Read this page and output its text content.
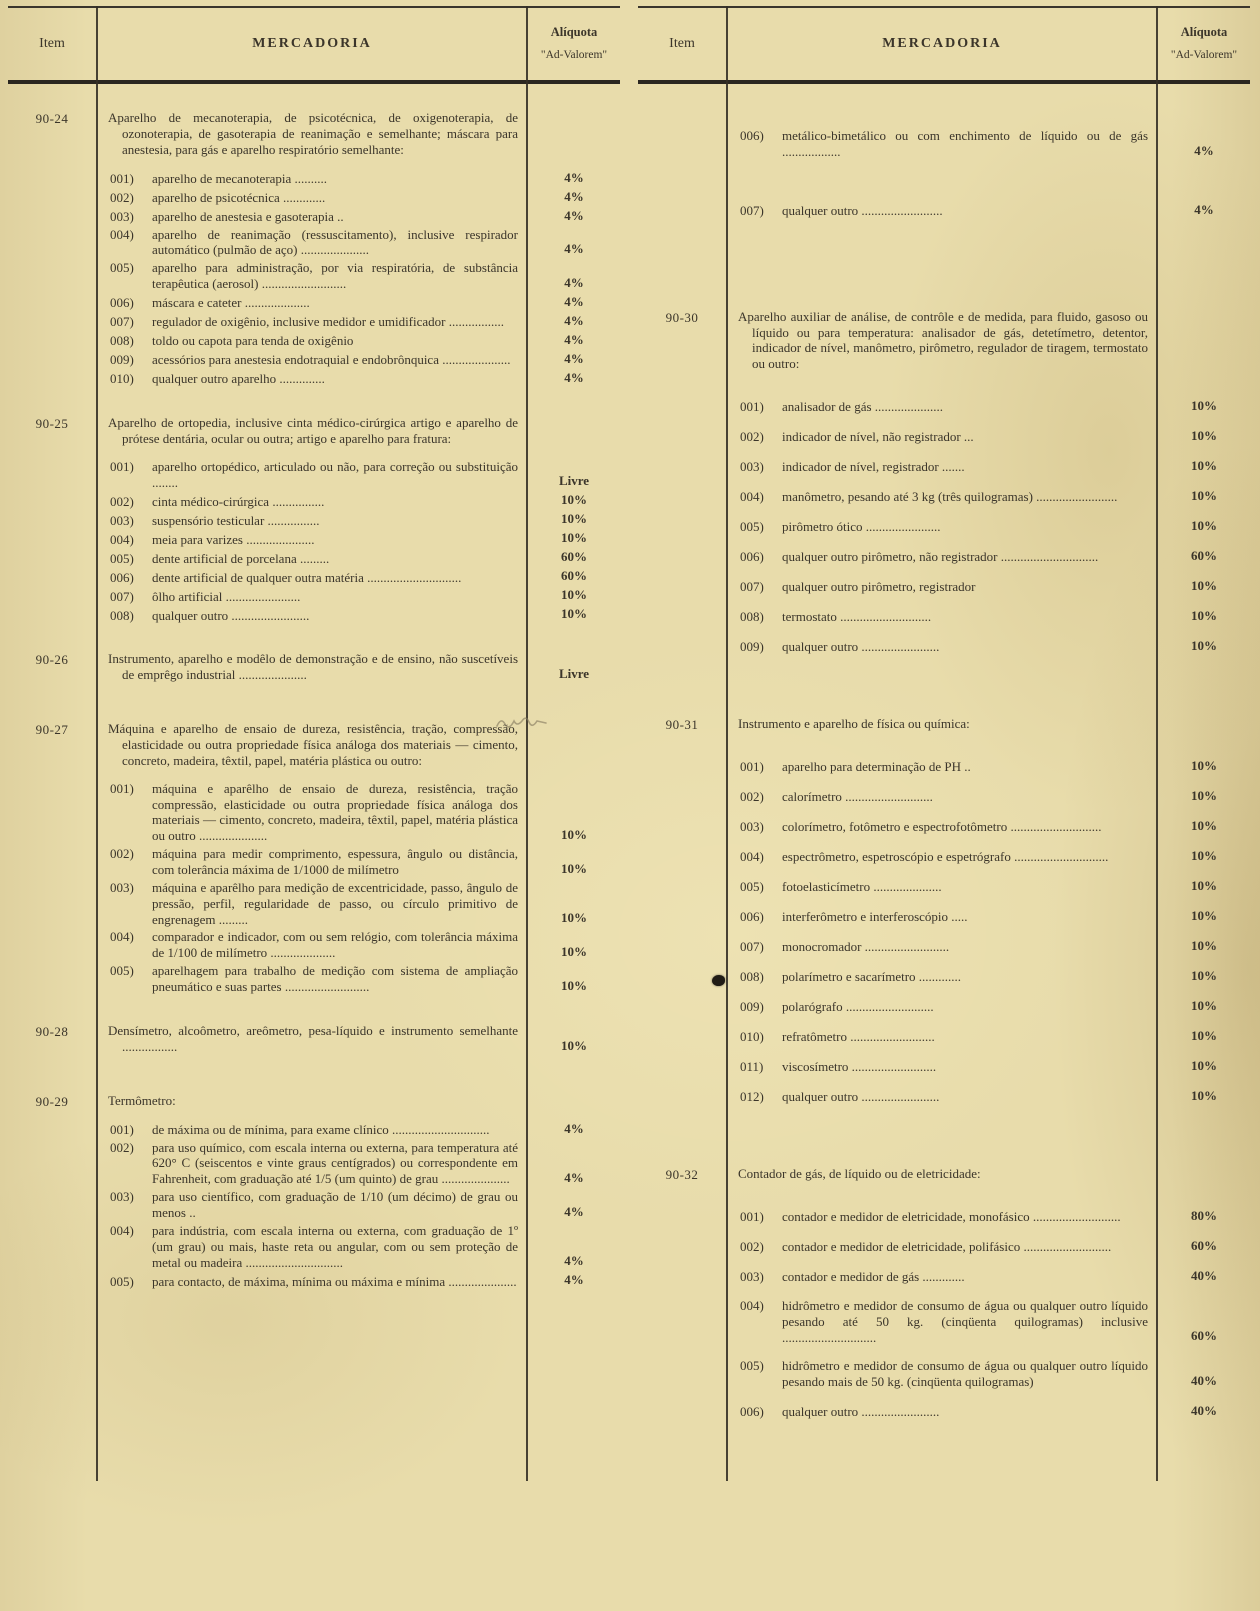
Item	MERCADORIA
Alíquota
"Ad-Valorem"
90-24	Aparelho de mecanoterapia, de psicotécnica, de oxigenoterapia, de ozonoterapia, de gasoterapia de reanimação e semelhante; máscara para anestesia, para gás e aparelho respiratório semelhante:
001)	aparelho de mecanoterapia ..........	4%
002)	aparelho de psicotécnica .............	4%
003)	aparelho de anestesia e gasoterapia ..	4%
004)	aparelho de reanimação (ressuscitamento), inclusive respirador automático (pulmão de aço) .....................	4%
005)	aparelho para administração, por via respiratória, de substância terapêutica (aerosol) ..........................	4%
006)	máscara e cateter ....................	4%
007)	regulador de oxigênio, inclusive medidor e umidificador .................	4%
008)	toldo ou capota para tenda de oxigênio	4%
009)	acessórios para anestesia endotraquial e endobrônquica .....................	4%
010)	qualquer outro aparelho ..............	4%
90-25	Aparelho de ortopedia, inclusive cinta médico-cirúrgica artigo e aparelho de prótese dentária, ocular ou outra; artigo e aparelho para fratura:
001)	aparelho ortopédico, articulado ou não, para correção ou substituição ........	Livre
002)	cinta médico-cirúrgica ................	10%
003)	suspensório testicular ................	10%
004)	meia para varizes .....................	10%
005)	dente artificial de porcelana .........	60%
006)	dente artificial de qualquer outra matéria .............................	60%
007)	ôlho artificial .......................	10%
008)	qualquer outro ........................	10%
90-26	Instrumento, aparelho e modêlo de demonstração e de ensino, não suscetíveis de emprêgo industrial .....................	Livre
90-27	Máquina e aparelho de ensaio de dureza, resistência, tração, compressão, elasticidade ou outra propriedade física análoga dos materiais — cimento, concreto, madeira, têxtil, papel, matéria plástica ou outro:
001)	máquina e aparêlho de ensaio de dureza, resistência, tração compressão, elasticidade ou outra propriedade física análoga dos materiais — cimento, concreto, madeira, têxtil, papel, matéria plástica ou outro .....................	10%
002)	máquina para medir comprimento, espessura, ângulo ou distância, com tolerância máxima de 1/1000 de milímetro	10%
003)	máquina e aparêlho para medição de excentricidade, passo, ângulo de pressão, perfil, regularidade de passo, ou círculo primitivo de engrenagem .........	10%
004)	comparador e indicador, com ou sem relógio, com tolerância máxima de 1/100 de milímetro ....................	10%
005)	aparelhagem para trabalho de medição com sistema de ampliação pneumático e suas partes ..........................	10%
90-28	Densímetro, alcoômetro, areômetro, pesa-líquido e instrumento semelhante .................	10%
90-29	Termômetro:
001)	de máxima ou de mínima, para exame clínico ..............................	4%
002)	para uso químico, com escala interna ou externa, para temperatura até 620° C (seiscentos e vinte graus centígrados) ou correspondente em Fahrenheit, com graduação até 1/5 (um quinto) de grau .....................	4%
003)	para uso científico, com graduação de 1/10 (um décimo) de grau ou menos ..	4%
004)	para indústria, com escala interna ou externa, com graduação de 1º (um grau) ou mais, haste reta ou angular, com ou sem proteção de metal ou madeira ..............................	4%
005)	para contacto, de máxima, mínima ou máxima e mínima .....................	4%
Item	MERCADORIA
Alíquota
"Ad-Valorem"
006)	metálico-bimetálico ou com enchimento de líquido ou de gás ..................	4%
007)	qualquer outro .........................	4%
90-30	Aparelho auxiliar de análise, de contrôle e de medida, para fluido, gasoso ou líquido ou para temperatura: analisador de gás, detetímetro, detentor, indicador de nível, manômetro, pirômetro, regulador de tiragem, termostato ou outro:
001)	analisador de gás .....................	10%
002)	indicador de nível, não registrador ...	10%
003)	indicador de nível, registrador .......	10%
004)	manômetro, pesando até 3 kg (três quilogramas) .........................	10%
005)	pirômetro ótico .......................	10%
006)	qualquer outro pirômetro, não registrador ..............................	60%
007)	qualquer outro pirômetro, registrador	10%
008)	termostato ............................	10%
009)	qualquer outro ........................	10%
90-31	Instrumento e aparelho de física ou química:
001)	aparelho para determinação de PH ..	10%
002)	calorímetro ...........................	10%
003)	colorímetro, fotômetro e espectrofotômetro ............................	10%
004)	espectrômetro, espetroscópio e espetrógrafo .............................	10%
005)	fotoelasticímetro .....................	10%
006)	interferômetro e interferoscópio .....	10%
007)	monocromador ..........................	10%
008)	polarímetro e sacarímetro .............	10%
009)	polarógrafo ...........................	10%
010)	refratômetro ..........................	10%
011)	viscosímetro ..........................	10%
012)	qualquer outro ........................	10%
90-32	Contador de gás, de líquido ou de eletricidade:
001)	contador e medidor de eletricidade, monofásico ...........................	80%
002)	contador e medidor de eletricidade, polifásico ...........................	60%
003)	contador e medidor de gás .............	40%
004)	hidrômetro e medidor de consumo de água ou qualquer outro líquido pesando até 50 kg. (cinqüenta quilogramas) inclusive .............................	60%
005)	hidrômetro e medidor de consumo de água ou qualquer outro líquido pesando mais de 50 kg. (cinqüenta quilogramas)	40%
006)	qualquer outro ........................	40%
